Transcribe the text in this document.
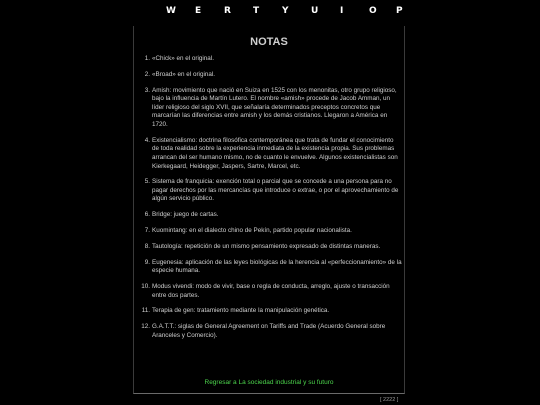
W E	R T	Y U I	O P
NOTAS
1. «Chick» en el original.
2. «Broad» en el original.
3. Amish: movimiento que nació en Suiza en 1525 con los menonitas, otro grupo religioso, bajo la influencia de Martín Lutero. El nombre «amish» procede de Jacob Amman, un líder religioso del siglo XVII, que señalaría determinados preceptos concretos que marcarían las diferencias entre amish y los demás cristianos. Llegaron a América en 1720.
4. Existencialismo: doctrina filosófica contemporánea que trata de fundar el conocimiento de toda realidad sobre la experiencia inmediata de la existencia propia. Sus problemas arrancan del ser humano mismo, no de cuanto le envuelve. Algunos existencialistas son Kierkegaard, Heidegger, Jaspers, Sartre, Marcel, etc.
5. Sistema de franquicia: exención total o parcial que se concede a una persona para no pagar derechos por las mercancías que introduce o extrae, o por el aprovechamiento de algún servicio público.
6. Bridge: juego de cartas.
7. Kuomintang: en el dialecto chino de Pekín, partido popular nacionalista.
8. Tautología: repetición de un mismo pensamiento expresado de distintas maneras.
9. Eugenesia: aplicación de las leyes biológicas de la herencia al «perfeccionamiento» de la especie humana.
10. Modus vivendi: modo de vivir, base o regla de conducta, arreglo, ajuste o transacción entre dos partes.
11. Terapia de gen: tratamiento mediante la manipulación genética.
12. G.A.T.T.: siglas de General Agreement on Tariffs and Trade (Acuerdo General sobre Aranceles y Comercio).
Regresar a La sociedad industrial y su futuro
[ 2222 ]
